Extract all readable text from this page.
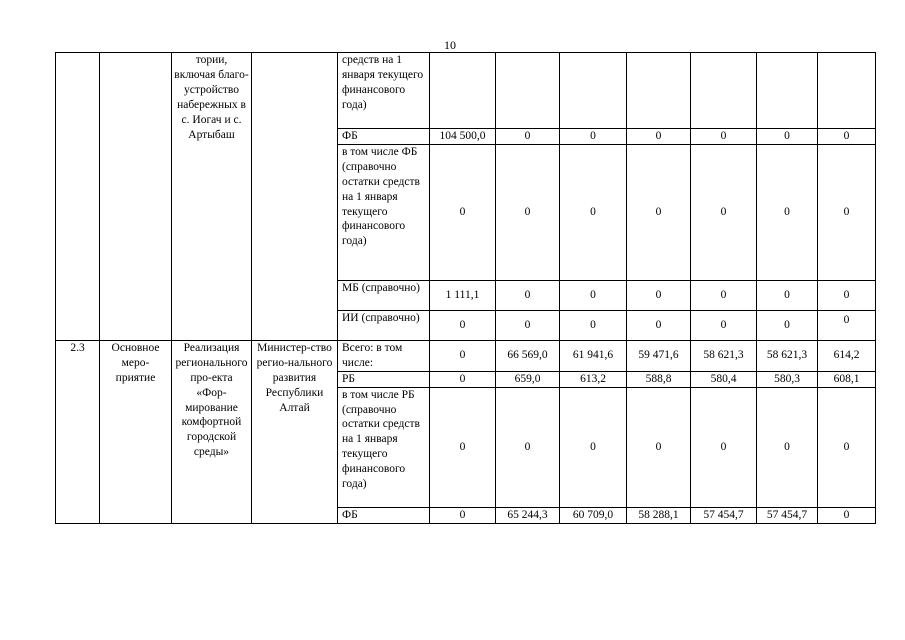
10
		тории, включая благо-устройство набережных в с. Иогач и с. Артыбаш		средств на 1 января текущего финансового года)							
				ФБ	104 500,0	0	0	0	0	0	0
				в том числе ФБ (справочно остатки средств на 1 января текущего финансового года)	0	0	0	0	0	0	0
				МБ (справочно)	1 111,1	0	0	0	0	0	0
				ИИ (справочно)	0	0	0	0	0	0	0
2.3	Основное меро-приятие	Реализация регионального про-екта «Фор-мирование комфортной городской среды»	Министер-ство регио-нального развития Республики Алтай	Всего: в том числе:	0	66 569,0	61 941,6	59 471,6	58 621,3	58 621,3	614,2
				РБ	0	659,0	613,2	588,8	580,4	580,3	608,1
				в том числе РБ (справочно остатки средств на 1 января текущего финансового года)	0	0	0	0	0	0	0
				ФБ	0	65 244,3	60 709,0	58 288,1	57 454,7	57 454,7	0
